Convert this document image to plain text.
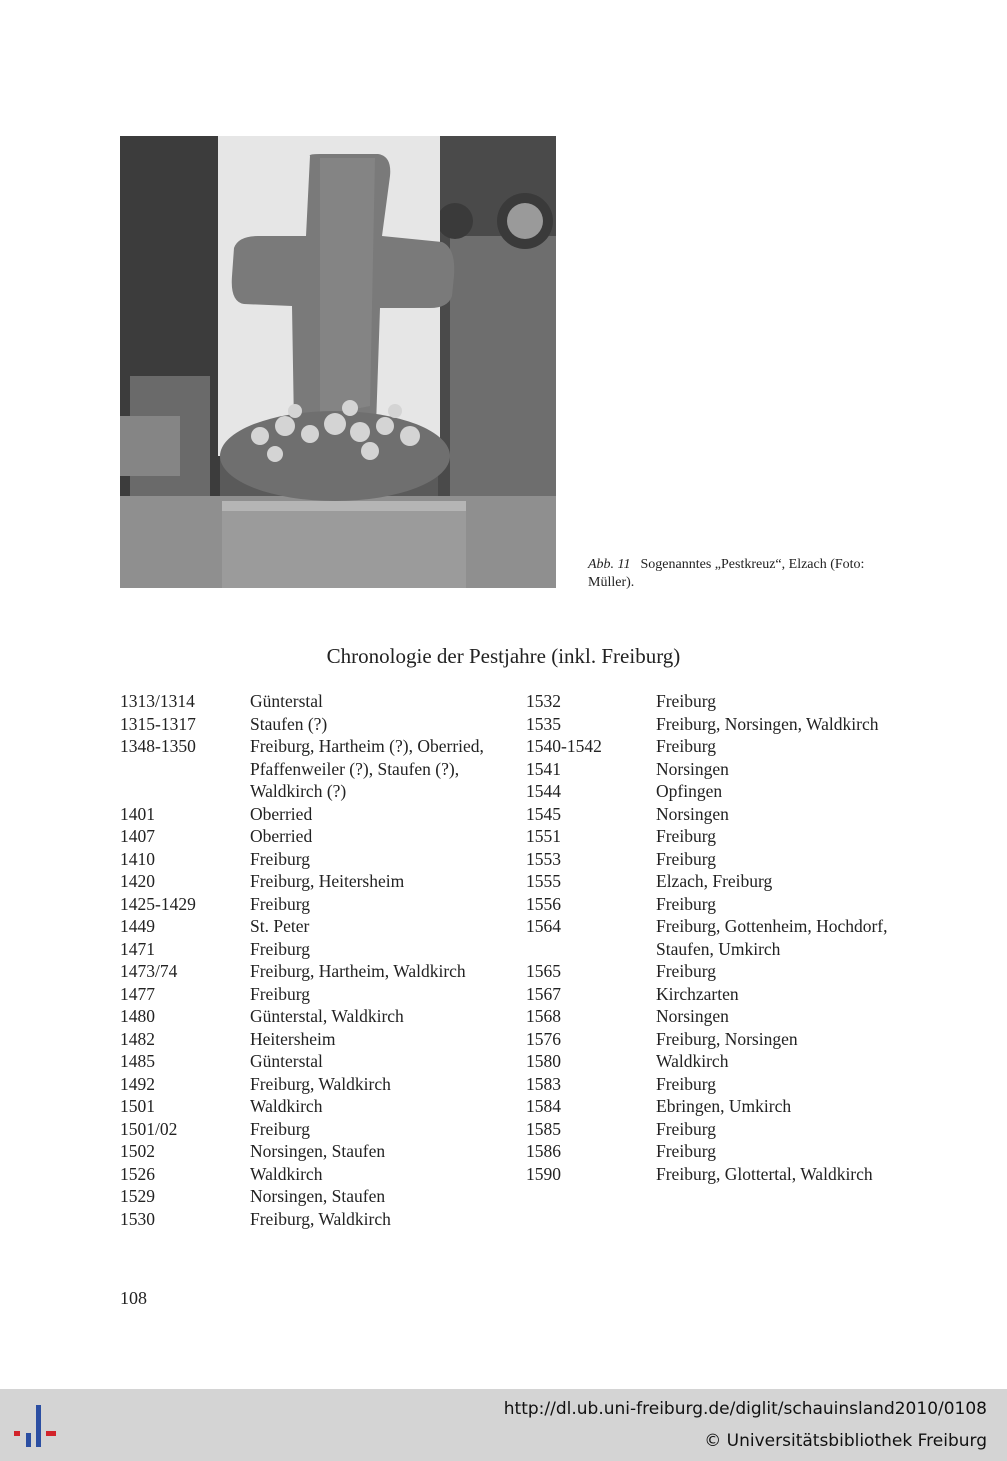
Abb. 11 Sogenanntes „Pestkreuz“, Elzach (Foto: Müller).
Chronologie der Pestjahre (inkl. Freiburg)
1313/1314	Günterstal
1315-1317	Staufen (?)
1348-1350	Freiburg, Hartheim (?), Oberried, Pfaffenweiler (?), Staufen (?), Waldkirch (?)
1401	Oberried
1407	Oberried
1410	Freiburg
1420	Freiburg, Heitersheim
1425-1429	Freiburg
1449	St. Peter
1471	Freiburg
1473/74	Freiburg, Hartheim, Waldkirch
1477	Freiburg
1480	Günterstal, Waldkirch
1482	Heitersheim
1485	Günterstal
1492	Freiburg, Waldkirch
1501	Waldkirch
1501/02	Freiburg
1502	Norsingen, Staufen
1526	Waldkirch
1529	Norsingen, Staufen
1530	Freiburg, Waldkirch
1532	Freiburg
1535	Freiburg, Norsingen, Waldkirch
1540-1542	Freiburg
1541	Norsingen
1544	Opfingen
1545	Norsingen
1551	Freiburg
1553	Freiburg
1555	Elzach, Freiburg
1556	Freiburg
1564	Freiburg, Gottenheim, Hochdorf, Staufen, Umkirch
1565	Freiburg
1567	Kirchzarten
1568	Norsingen
1576	Freiburg, Norsingen
1580	Waldkirch
1583	Freiburg
1584	Ebringen, Umkirch
1585	Freiburg
1586	Freiburg
1590	Freiburg, Glottertal, Waldkirch
108
http://dl.ub.uni-freiburg.de/diglit/schauinsland2010/0108
© Universitätsbibliothek Freiburg
